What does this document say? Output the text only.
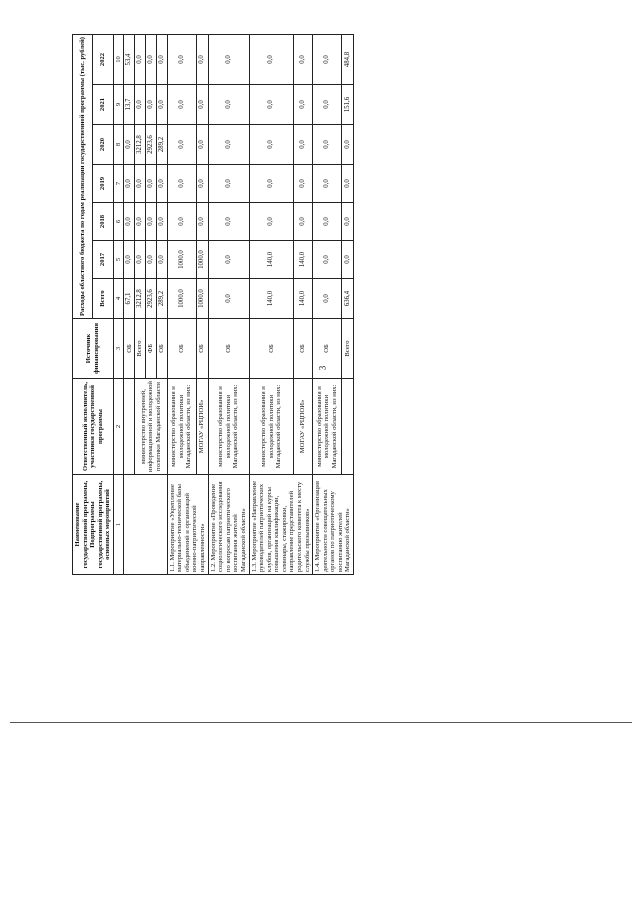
3
Наименование государственной программы, Подпрограммы государственной программы, основных мероприятий	Ответственный исполнитель, участники государственной программы	Источник финансирования	Расходы областного бюджета по годам реализации государственной программы (тыс. рублей)						
			Всего	2017	2018	2019	2020	2021	2022
1	2	3	4	5	6	7	8	9	10
		ОБ	67,1	0,0	0,0	0,0	0,0	13,7	53,4
	министерство внутренней, информационной и молодежной политики Магаданской области	Всего	3212,8	0,0	0,0	0,0	3212,8	0,0	0,0
		ФБ	2923,6	0,0	0,0	0,0	2923,6	0,0	0,0
		ОБ	289,2	0,0	0,0	0,0	289,2	0,0	0,0
1.1. Мероприятие «Укрепление материально-технической базы объединений и организаций военно-патриотической направленности»	министерство образования и молодежной политики Магаданской области, из них:	ОБ	1000,0	1000,0	0,0	0,0	0,0	0,0	0,0
	МОГАУ «РЦПОИ»	ОБ	1000,0	1000,0	0,0	0,0	0,0	0,0	0,0
1.2. Мероприятие «Проведение социологического исследования по вопросам патриотического воспитания жителей Магаданской области»	министерство образования и молодежной политики Магаданской области, из них:	ОБ	0,0	0,0	0,0	0,0	0,0	0,0	0,0
1.3. Мероприятие «Направление руководителей патриотических клубов, организаций на курсы повышения квалификации, семинары, стажировки, направление представителей родительского комитета к месту службы призывников»	министерство образования и молодежной политики Магаданской области, из них:	ОБ	140,0	140,0	0,0	0,0	0,0	0,0	0,0
	МОГАУ «РЦПОИ»	ОБ	140,0	140,0	0,0	0,0	0,0	0,0	0,0
1.4. Мероприятие «Организация деятельности совещательных органов по патриотическому воспитанию жителей Магаданской области»	министерство образования и молодежной политики Магаданской области, из них:	ОБ	0,0	0,0	0,0	0,0	0,0	0,0	0,0
		Всего	636,4	0,0	0,0	0,0	0,0	151,6	484,8
